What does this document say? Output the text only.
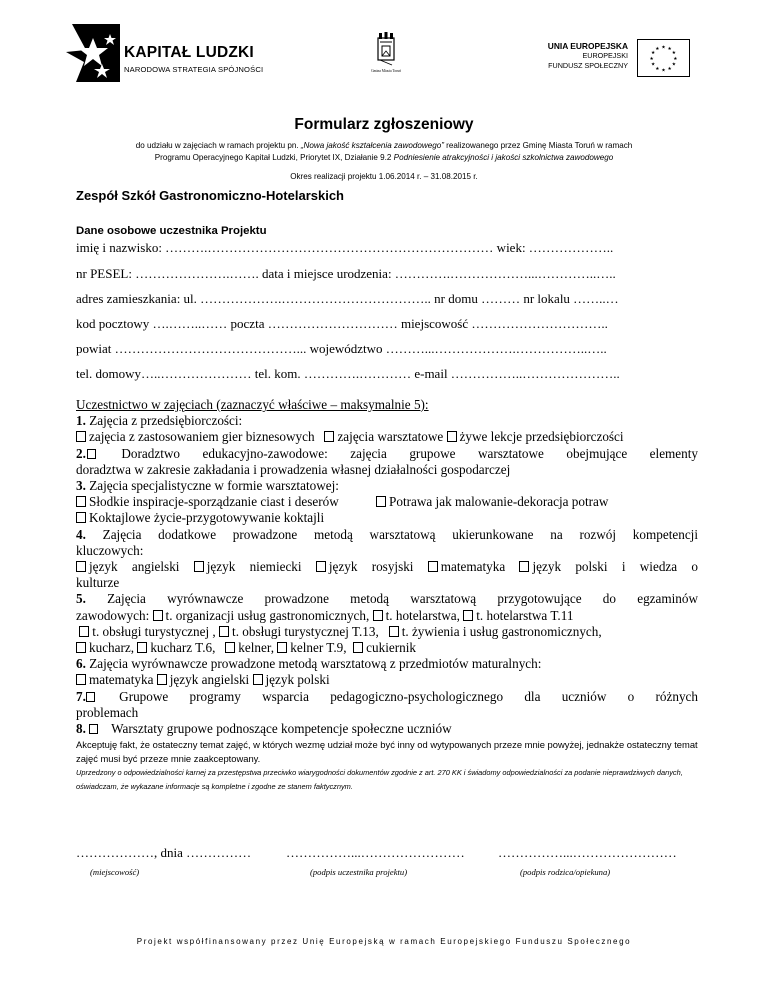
KAPITAŁ LUDZKI
NARODOWA STRATEGIA SPÓJNOŚCI	Gmina Miasta Toruń
UNIA EUROPEJSKA
EUROPEJSKI
FUNDUSZ SPOŁECZNY
★ ★
★
★
★
★
★
★
★
★
★
★
Formularz zgłoszeniowy
do udziału w zajęciach w ramach projektu pn. „Nowa jakość kształcenia zawodowego” realizowanego przez Gminę Miasta Toruń w ramach
Programu Operacyjnego Kapitał Ludzki, Priorytet IX, Działanie 9.2 Podniesienie atrakcyjności i jakości szkolnictwa zawodowego
Okres realizacji projektu 1.06.2014 r. – 31.08.2015 r.
Zespół Szkół Gastronomiczno-Hotelarskich
Dane osobowe uczestnika Projektu
imię i nazwisko: ……….………………………………………………………… wiek: ………………..
nr PESEL: ………………….……. data i miejsce urodzenia: ………….………………...…………..…..
adres zamieszkania: ul. ……………….…………………………….. nr domu ……… nr lokalu ……..…
kod pocztowy ….……..…… poczta ………………………… miejscowość …………………………..
powiat ……………………………………... województwo ………...……………….……………..…..
tel. domowy…..………………… tel. kom. ………….………… e-mail ……………..…………………..
Uczestnictwo w zajęciach (zaznaczyć właściwe – maksymalnie 5):
1. Zajęcia z przedsiębiorczości:
zajęcia z zastosowaniem gier biznesowych zajęcia warsztatowe żywe lekcje przedsiębiorczości
2.	Doradztwo edukacyjno-zawodowe: zajęcia grupowe warsztatowe obejmujące elementy
doradztwa w zakresie zakładania i prowadzenia własnej działalności gospodarczej
3. Zajęcia specjalistyczne w formie warsztatowej:
Słodkie inspiracje-sporządzanie ciast i deserów	Potrawa jak malowanie-dekoracja potraw
Koktajlowe życie-przygotowywanie koktajli
4. Zajęcia dodatkowe prowadzone metodą warsztatową ukierunkowane na rozwój kompetencji
kluczowych:
język angielski język niemiecki język rosyjski matematyka język polski i wiedza o
kulturze
5. Zajęcia wyrównawcze prowadzone metodą warsztatową przygotowujące do egzaminów
zawodowych: t. organizacji usług gastronomicznych, t. hotelarstwa, t. hotelarstwa T.11
t. obsługi turystycznej , t. obsługi turystycznej T.13, t. żywienia i usług gastronomicznych,
kucharz, kucharz T.6, kelner, kelner T.9, cukiernik
6. Zajęcia wyrównawcze prowadzone metodą warsztatową z przedmiotów maturalnych:
matematyka język angielski język polski
7.	Grupowe programy wsparcia pedagogiczno-psychologicznego dla uczniów o różnych
problemach
8. Warsztaty grupowe podnoszące kompetencje społeczne uczniów
Akceptuję fakt, że ostateczny temat zajęć, w których wezmę udział może być inny od wytypowanych przeze mnie powyżej, jednakże ostateczny temat zajęć musi być przeze mnie zaakceptowany.
Uprzedzony o odpowiedzialności karnej za przestępstwa przeciwko wiarygodności dokumentów zgodnie z art. 270 KK i świadomy odpowiedzialności za podanie nieprawdziwych danych, oświadczam, że wykazane informacje są kompletne i zgodne ze stanem faktycznym.
………………, dnia ……………
(miejscowość)
……………...……………………
(podpis uczestnika projektu)
……………...……………………
(podpis rodzica/opiekuna)
Projekt współfinansowany przez Unię Europejską w ramach Europejskiego Funduszu Społecznego
